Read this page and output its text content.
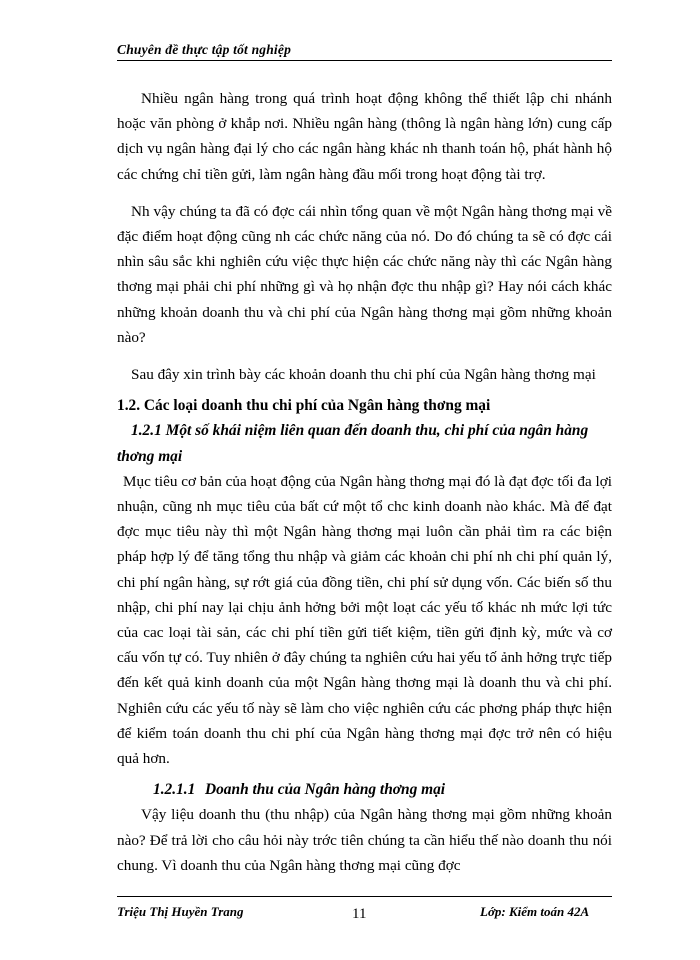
Chuyên đề thực tập tốt nghiệp

Nhiều ngân hàng trong quá trình hoạt động không thể thiết lập chi nhánh hoặc văn phòng ở khắp nơi. Nhiều ngân hàng (thông là ngân hàng lớn) cung cấp dịch vụ ngân hàng đại lý cho các ngân hàng khác nh thanh toán hộ, phát hành hộ các chứng chỉ tiền gửi, làm ngân hàng đầu mối trong hoạt động tài trợ.

Nh vậy chúng ta đã có đợc cái nhìn tổng quan về một Ngân hàng thơng mại về đặc điểm hoạt động cũng nh các chức năng của nó. Do đó chúng ta sẽ có đợc cái nhìn sâu sắc khi nghiên cứu việc thực hiện các chức năng này thì các Ngân hàng thơng mại phải chi phí những gì và họ nhận đợc thu nhập gì? Hay nói cách khác những khoản doanh thu và chi phí của Ngân hàng thơng mại gồm những khoản nào?

Sau đây xin trình bày các khoản doanh thu chi phí của Ngân hàng thơng mại

1.2. Các loại doanh thu chi phí của Ngân hàng thơng mại

1.2.1 Một số khái niệm liên quan đến doanh thu, chi phí của ngân hàng thơng mại

Mục tiêu cơ bản của hoạt động của Ngân hàng thơng mại đó là đạt đợc tối đa lợi nhuận, cũng nh mục tiêu của bất cứ một tổ chc kinh doanh nào khác. Mà để đạt đợc mục tiêu này thì một Ngân hàng thơng mại luôn cần phải tìm ra các biện pháp hợp lý để tăng tổng thu nhập và giảm các khoản chi phí nh chi phí quản lý, chi phí ngân hàng, sự rớt giá của đồng tiền, chi phí sử dụng vốn. Các biến số thu nhập, chi phí nay lại chịu ảnh hởng bởi một loạt các yếu tố khác nh mức lợi tức của cac loại tài sản, các chi phí tiền gửi tiết kiệm, tiền gửi định kỳ, mức và cơ cấu vốn tự có. Tuy nhiên ở đây chúng ta nghiên cứu hai yếu tố ảnh hởng trực tiếp đến kết quả kinh doanh của một Ngân hàng thơng mại là doanh thu và chi phí. Nghiên cứu các yếu tố này sẽ làm cho việc nghiên cứu các phơng pháp thực hiện để kiểm toán doanh thu chi phí của Ngân hàng thơng mại đợc trở nên có hiệu quả hơn.

1.2.1.1 Doanh thu của Ngân hàng thơng mại

Vậy liệu doanh thu (thu nhập) của Ngân hàng thơng mại gồm những khoản nào? Để trả lời cho câu hỏi này trớc tiên chúng ta cần hiểu thế nào doanh thu nói chung. Vì doanh thu của Ngân hàng thơng mại cũng đợc

Triệu Thị Huyền Trang	11	Lớp: Kiểm toán 42A
